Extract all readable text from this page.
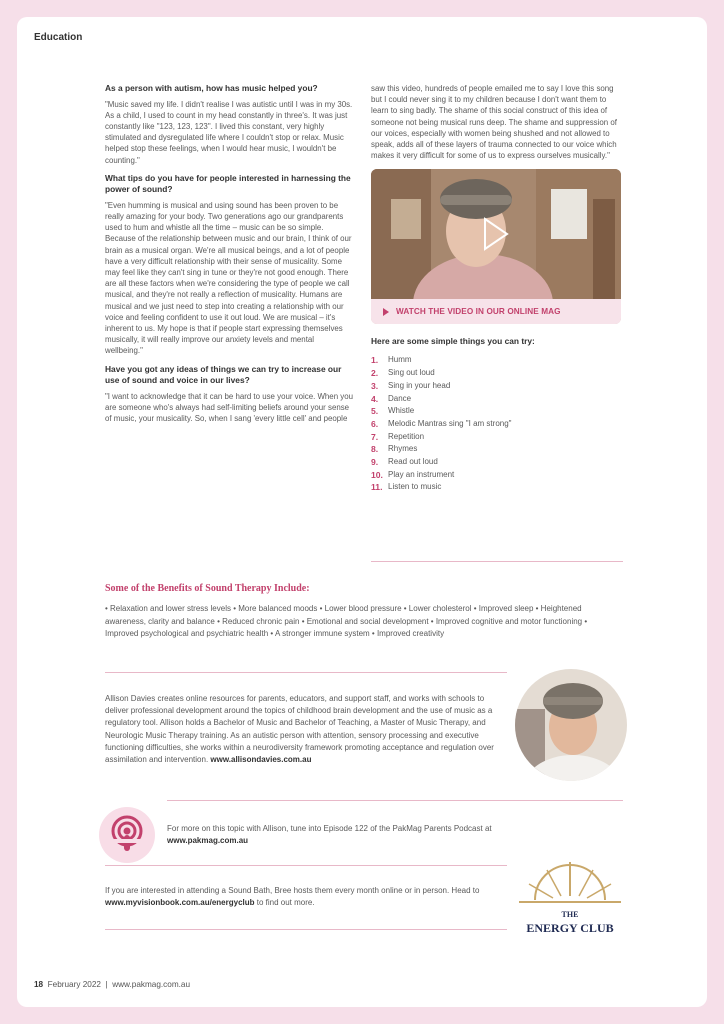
Education

As a person with autism, how has music helped you?

"Music saved my life. I didn't realise I was autistic until I was in my 30s. As a child, I used to count in my head constantly in three's. It was just constantly like "123, 123, 123". I lived this constant, very highly stimulated and dysregulated life where I couldn't stop or relax. Music helped stop these feelings, when I would hear music, I wouldn't be counting."

What tips do you have for people interested in harnessing the power of sound?

"Even humming is musical and using sound has been proven to be really amazing for your body. Two generations ago our grandparents used to hum and whistle all the time – music can be so simple. Because of the relationship between music and our brain, I think of our brain as a musical organ. We're all musical beings, and a lot of people have a very difficult relationship with their sense of musicality. Some may feel like they can't sing in tune or they're not good enough. There are all these factors when we're considering the type of people we call musical, and they're not really a reflection of musicality. Humans are musical and we just need to step into creating a relationship with our voice and feeling confident to use it out loud. We are musical – it's inherent to us. My hope is that if people start expressing themselves musically, it will really improve our anxiety levels and mental wellbeing."

Have you got any ideas of things we can try to increase our use of sound and voice in our lives?

"I want to acknowledge that it can be hard to use your voice. When you are someone who's always had self-limiting beliefs around your sense of music, your musicality. So, when I sang 'every little cell' and people

saw this video, hundreds of people emailed me to say I love this song but I could never sing it to my children because I don't want them to learn to sing badly. The shame of this social construct of this idea of someone not being musical runs deep. The shame and suppression of our voices, especially with women being shushed and not allowed to speak, adds all of these layers of trauma connected to our voice which makes it very difficult for some of us to express ourselves musically."

WATCH THE VIDEO IN OUR ONLINE MAG
Here are some simple things you can try:
1.	Humm
2.	Sing out loud
3.	Sing in your head
4.	Dance
5.	Whistle
6.	Melodic Mantras sing "I am strong"
7.	Repetition
8.	Rhymes
9.	Read out loud
10. Play an instrument
11. Listen to music
Some of the Benefits of Sound Therapy Include:
• Relaxation and lower stress levels • More balanced moods • Lower blood pressure • Lower cholesterol • Improved sleep • Heightened awareness, clarity and balance • Reduced chronic pain • Emotional and social development • Improved cognitive and motor functioning • Improved psychological and psychiatric health • A stronger immune system • Improved creativity
Allison Davies creates online resources for parents, educators, and support staff, and works with schools to deliver professional development around the topics of childhood brain development and the use of music as a regulatory tool. Allison holds a Bachelor of Music and Bachelor of Teaching, a Master of Music Therapy, and Neurologic Music Therapy training. As an autistic person with attention, sensory processing and executive functioning difficulties, she works within a neurodiversity framework promoting acceptance and regulation over assimilation and intervention. www.allisondavies.com.au
For more on this topic with Allison, tune into Episode 122 of the PakMag Parents Podcast at
www.pakmag.com.au
If you are interested in attending a Sound Bath, Bree hosts them every month online or in person. Head to www.myvisionbook.com.au/energyclub to find out more.
THE
ENERGY CLUB
18 February 2022 | www.pakmag.com.au
